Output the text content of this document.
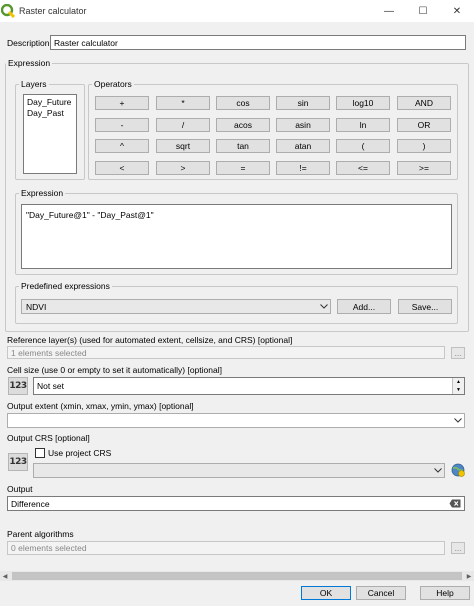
Raster calculator	—	☐	✕
Description Raster calculator
Expression
Layers
Day_Future
Day_Past
Operators
+	*	cos	sin	log10	AND
-	/	acos	asin	ln	OR
^	sqrt	tan	atan	(	)
<	>	=	!=	<=	>=
Expression
"Day_Future@1" - "Day_Past@1"
Predefined expressions
NDVI	Add...	Save...
Reference layer(s) (used for automated extent, cellsize, and CRS) [optional]
1 elements selected	...
Cell size (use 0 or empty to set it automatically) [optional]
123 Not set	▲
▼
Output extent (xmin, xmax, ymin, ymax) [optional]
Output CRS [optional]
Use project CRS
123
Output
Difference
Parent algorithms
0 elements selected	...
◀	▶
OK	Cancel	Help
